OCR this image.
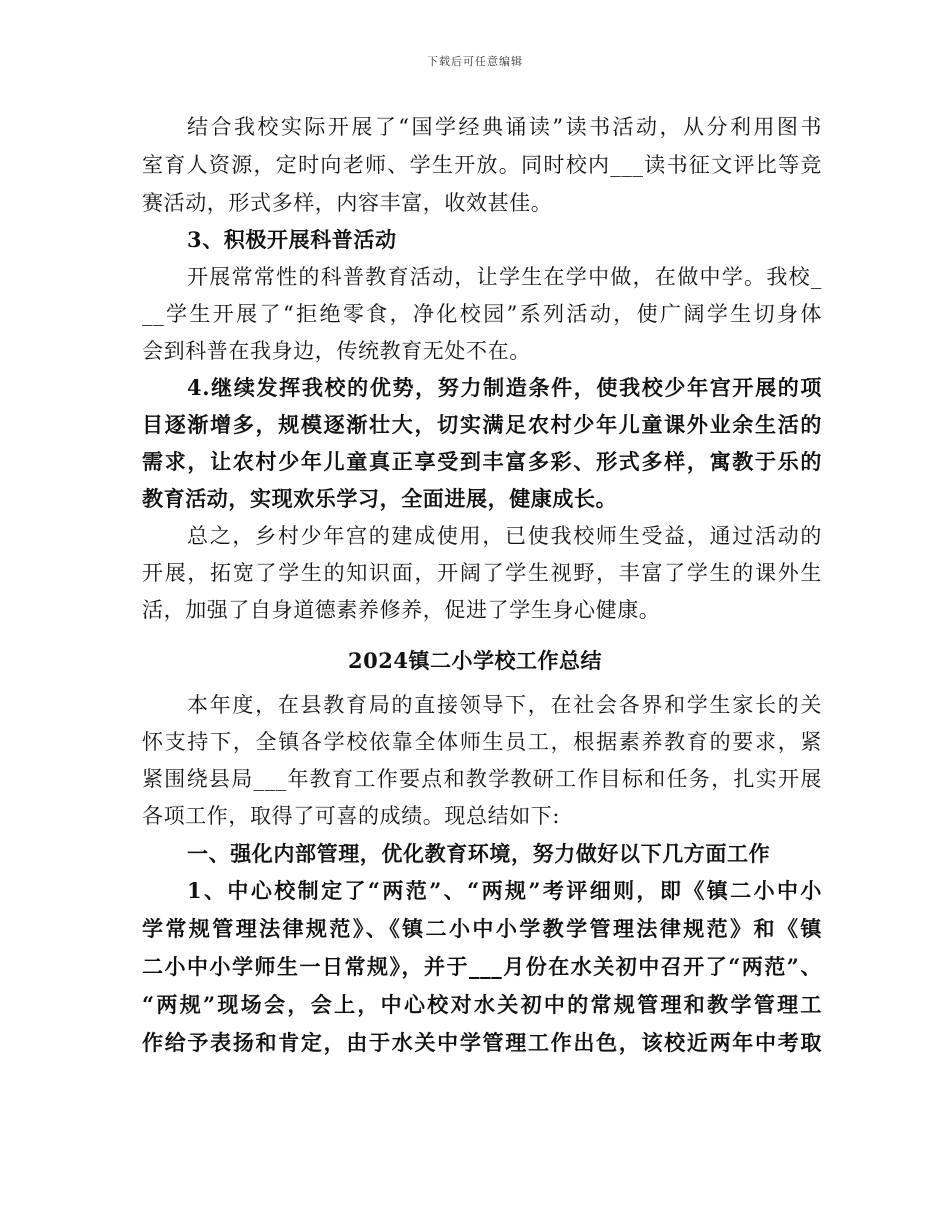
下载后可任意编辑
结合我校实际开展了“国学经典诵读”读书活动，从分利用图书
室育人资源，定时向老师、学生开放。同时校内___读书征文评比等竞
赛活动，形式多样，内容丰富，收效甚佳。
3、积极开展科普活动
开展常常性的科普教育活动，让学生在学中做，在做中学。我校_
__学生开展了“拒绝零食，净化校园”系列活动，使广阔学生切身体
会到科普在我身边，传统教育无处不在。
4.继续发挥我校的优势，努力制造条件，使我校少年宫开展的项
目逐渐增多，规模逐渐壮大，切实满足农村少年儿童课外业余生活的
需求，让农村少年儿童真正享受到丰富多彩、形式多样，寓教于乐的
教育活动，实现欢乐学习，全面进展，健康成长。
总之，乡村少年宫的建成使用，已使我校师生受益，通过活动的
开展，拓宽了学生的知识面，开阔了学生视野，丰富了学生的课外生
活，加强了自身道德素养修养，促进了学生身心健康。
2024镇二小学校工作总结
本年度，在县教育局的直接领导下，在社会各界和学生家长的关
怀支持下，全镇各学校依靠全体师生员工，根据素养教育的要求，紧
紧围绕县局___年教育工作要点和教学教研工作目标和任务，扎实开展
各项工作，取得了可喜的成绩。现总结如下:
一、强化内部管理，优化教育环境，努力做好以下几方面工作
1、中心校制定了“两范”、“两规”考评细则，即《镇二小中小
学常规管理法律规范》、《镇二小中小学教学管理法律规范》和《镇
二小中小学师生一日常规》，并于___月份在水关初中召开了“两范”、
“两规”现场会，会上，中心校对水关初中的常规管理和教学管理工
作给予表扬和肯定，由于水关中学管理工作出色，该校近两年中考取
